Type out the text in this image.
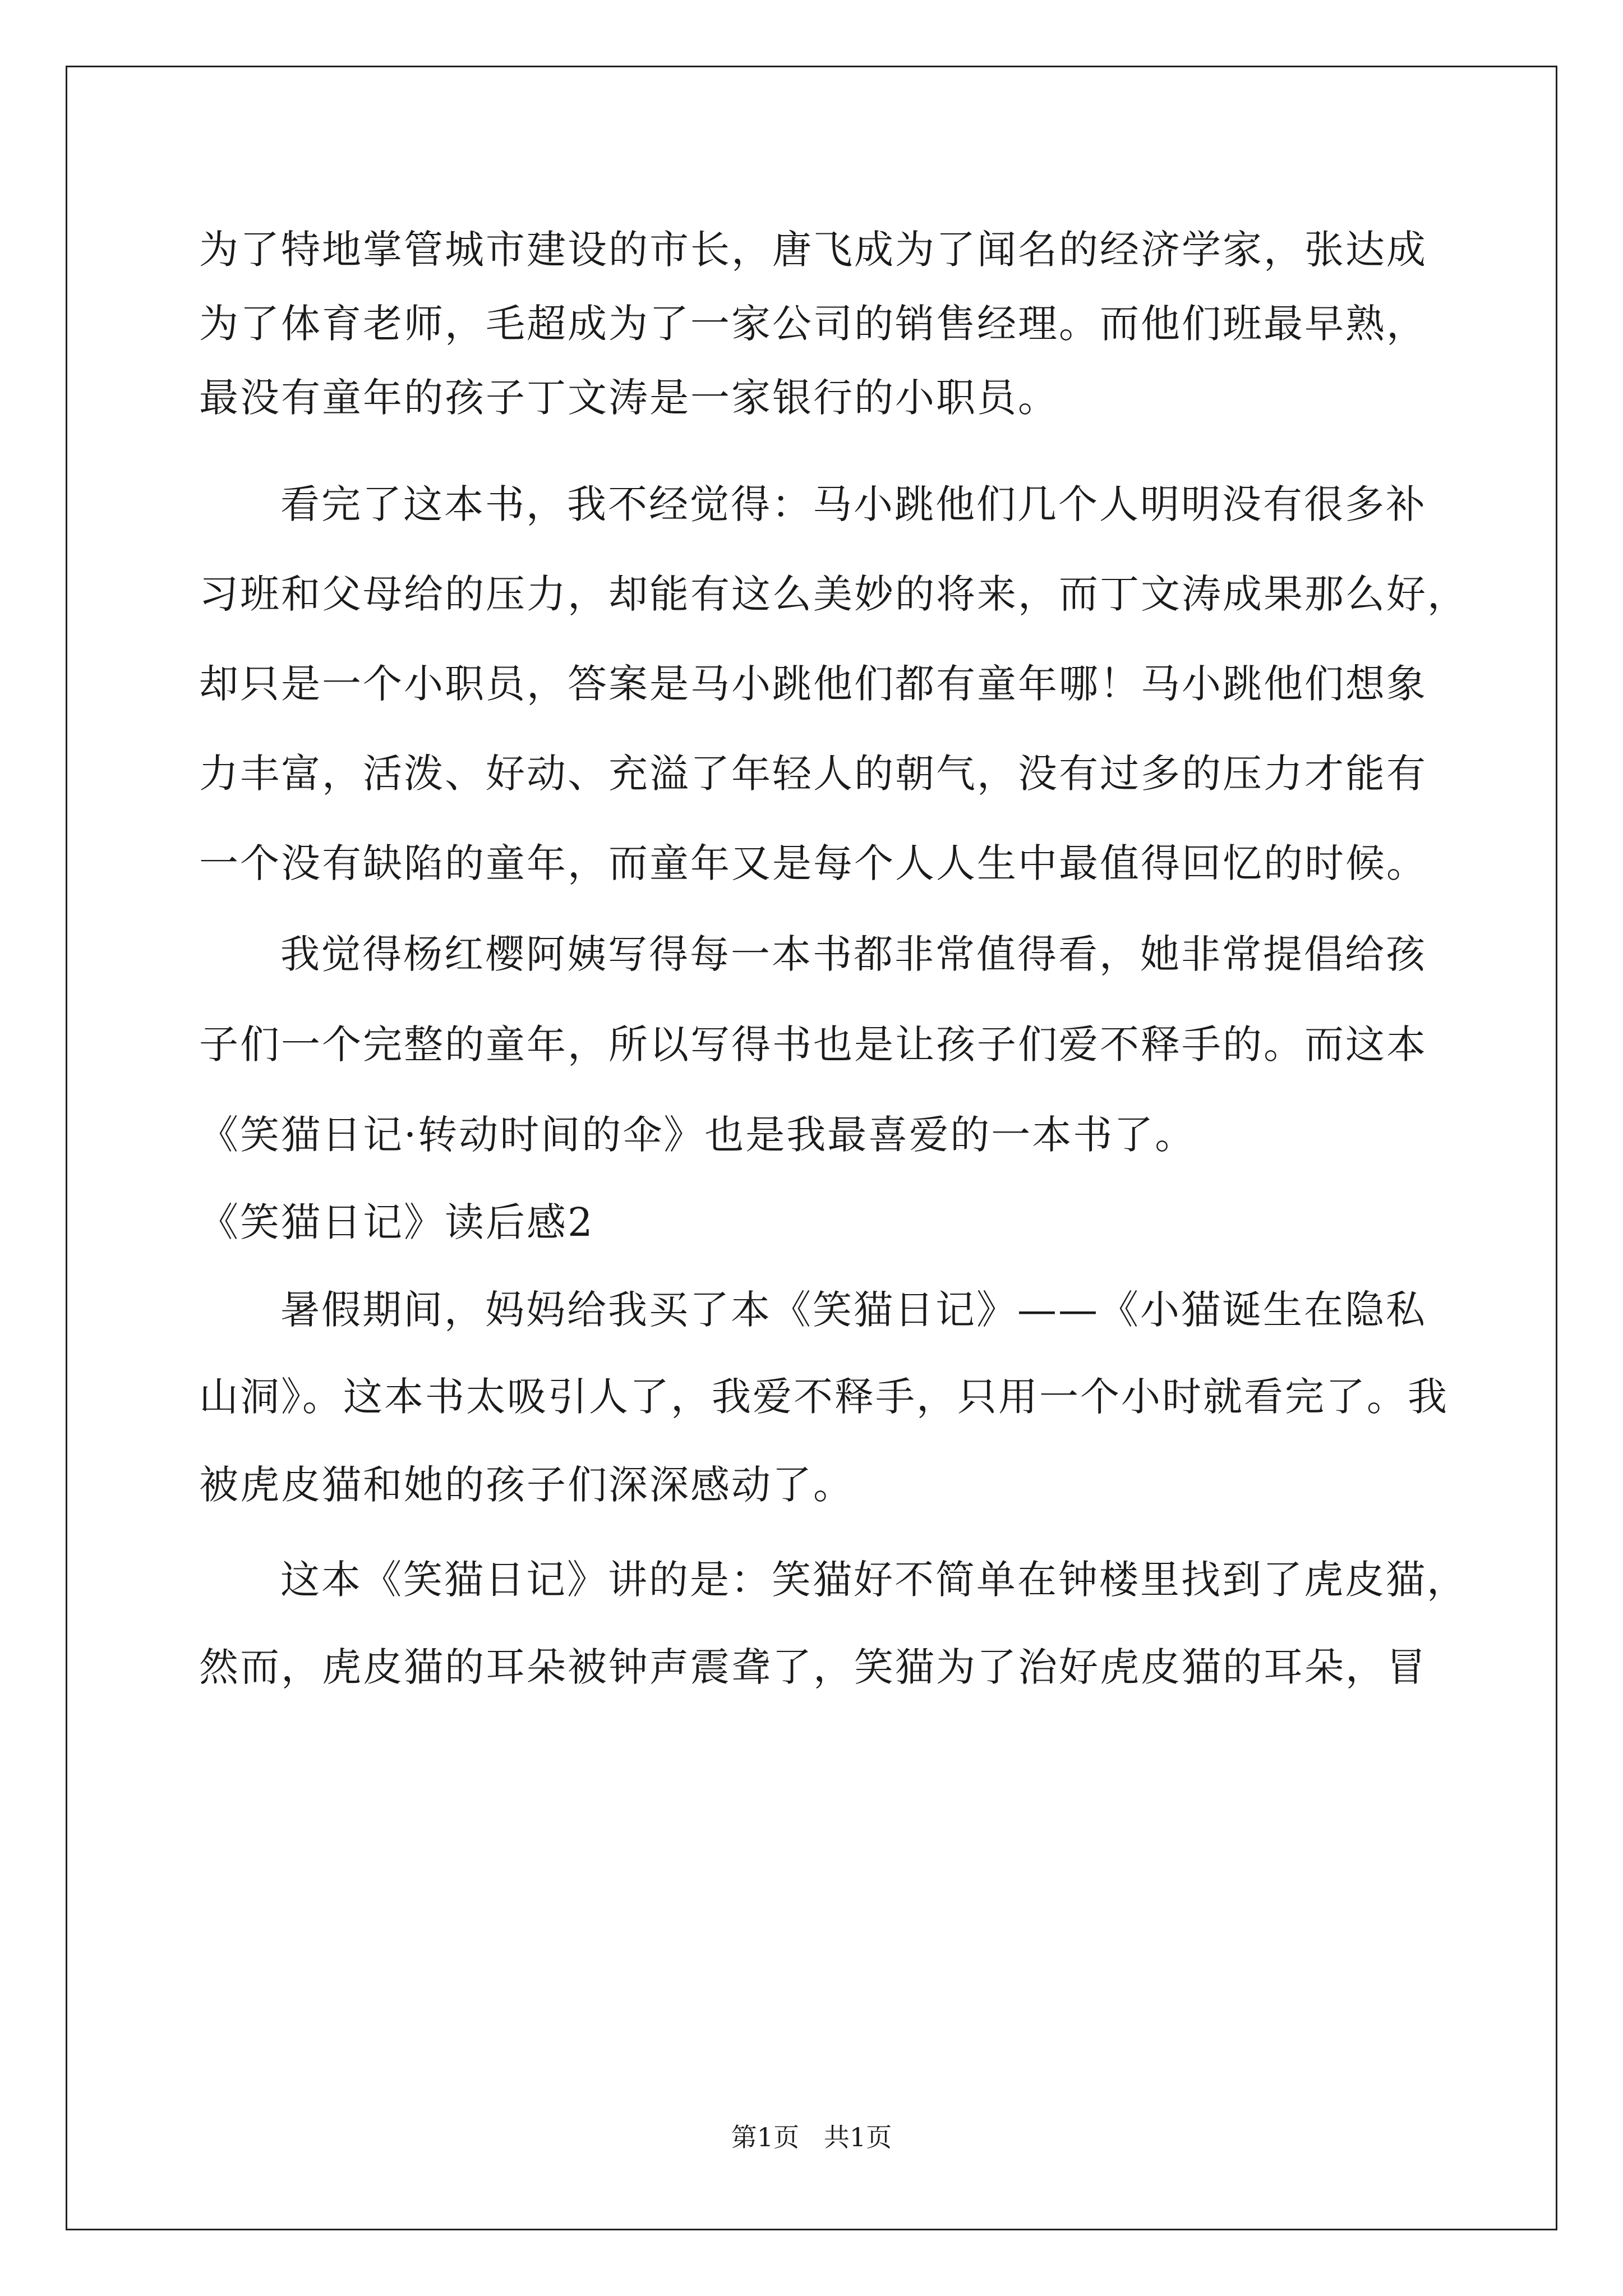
为了特地掌管城市建设的市长，唐飞成为了闻名的经济学家，张达成
为了体育老师，毛超成为了一家公司的销售经理。而他们班最早熟，
最没有童年的孩子丁文涛是一家银行的小职员。
看完了这本书，我不经觉得：马小跳他们几个人明明没有很多补
习班和父母给的压力，却能有这么美妙的将来，而丁文涛成果那么好，
却只是一个小职员，答案是马小跳他们都有童年哪！马小跳他们想象
力丰富，活泼、好动、充溢了年轻人的朝气，没有过多的压力才能有
一个没有缺陷的童年，而童年又是每个人人生中最值得回忆的时候。
我觉得杨红樱阿姨写得每一本书都非常值得看，她非常提倡给孩
子们一个完整的童年，所以写得书也是让孩子们爱不释手的。而这本
《笑猫日记·转动时间的伞》也是我最喜爱的一本书了。
《笑猫日记》读后感2
暑假期间，妈妈给我买了本《笑猫日记》——《小猫诞生在隐私
山洞》。这本书太吸引人了，我爱不释手，只用一个小时就看完了。我
被虎皮猫和她的孩子们深深感动了。
这本《笑猫日记》讲的是：笑猫好不简单在钟楼里找到了虎皮猫，
然而，虎皮猫的耳朵被钟声震聋了，笑猫为了治好虎皮猫的耳朵，冒
第1页   共1页
